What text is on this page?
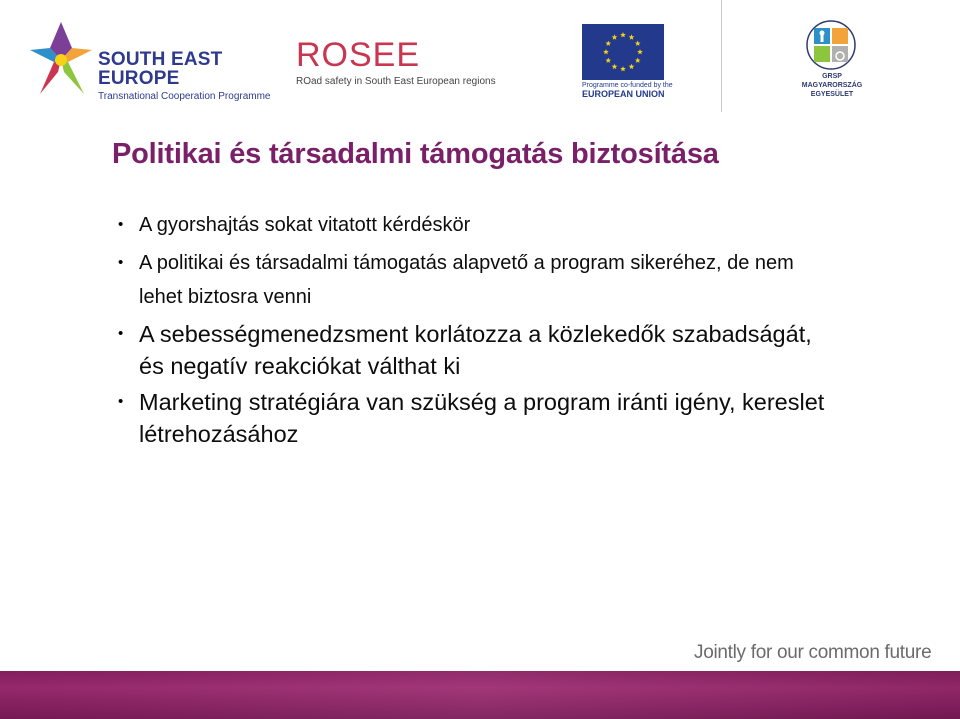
SOUTH EAST
EUROPE
Transnational Cooperation Programme
ROSEE
ROad safety in South East European regions	Programme co-funded by the
EUROPEAN UNION
GRSP
MAGYARORSZÁG
EGYESÜLET
Politikai és társadalmi támogatás biztosítása
• A gyorshajtás sokat vitatott kérdéskör
• A politikai és társadalmi támogatás alapvető a program sikeréhez, de nem lehet biztosra venni
• A sebességmenedzsment korlátozza a közlekedők szabadságát, és negatív reakciókat válthat ki
• Marketing stratégiára van szükség a program iránti igény, kereslet létrehozásához
Jointly for our common future
